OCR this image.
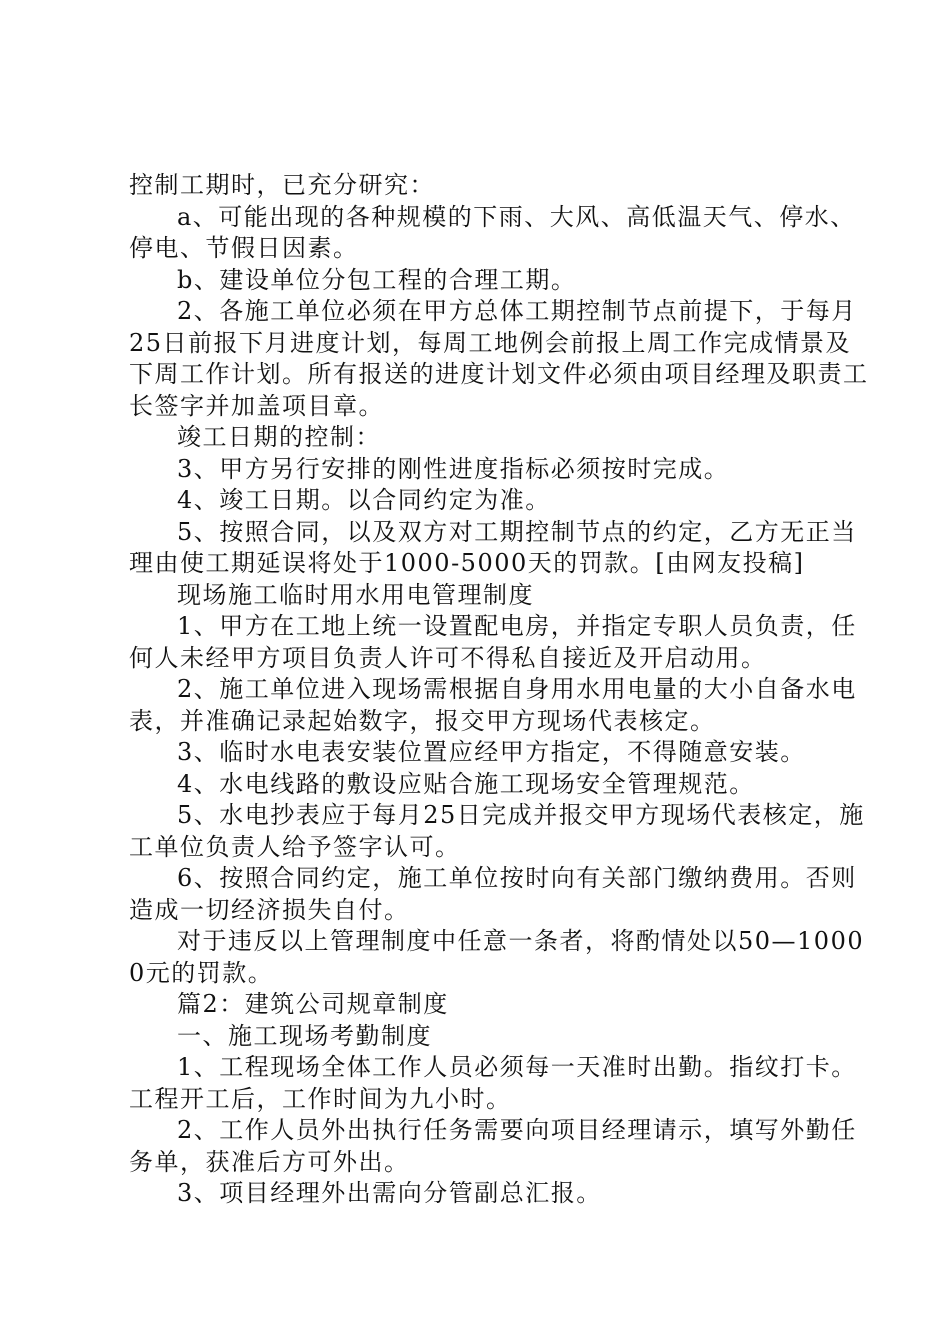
控制工期时，已充分研究：

a、可能出现的各种规模的下雨、大风、高低温天气、停水、停电、节假日因素。

b、建设单位分包工程的合理工期。

2、各施工单位必须在甲方总体工期控制节点前提下，于每月25日前报下月进度计划，每周工地例会前报上周工作完成情景及下周工作计划。所有报送的进度计划文件必须由项目经理及职责工长签字并加盖项目章。

竣工日期的控制：

3、甲方另行安排的刚性进度指标必须按时完成。

4、竣工日期。以合同约定为准。

5、按照合同，以及双方对工期控制节点的约定，乙方无正当理由使工期延误将处于1000-5000天的罚款。[由网友投稿]

现场施工临时用水用电管理制度

1、甲方在工地上统一设置配电房，并指定专职人员负责，任何人未经甲方项目负责人许可不得私自接近及开启动用。

2、施工单位进入现场需根据自身用水用电量的大小自备水电表，并准确记录起始数字，报交甲方现场代表核定。

3、临时水电表安装位置应经甲方指定，不得随意安装。

4、水电线路的敷设应贴合施工现场安全管理规范。

5、水电抄表应于每月25日完成并报交甲方现场代表核定，施工单位负责人给予签字认可。

6、按照合同约定，施工单位按时向有关部门缴纳费用。否则造成一切经济损失自付。

对于违反以上管理制度中任意一条者，将酌情处以50—10000元的罚款。

篇2：建筑公司规章制度

一、施工现场考勤制度

1、工程现场全体工作人员必须每一天准时出勤。指纹打卡。工程开工后，工作时间为九小时。

2、工作人员外出执行任务需要向项目经理请示，填写外勤任务单，获准后方可外出。

3、项目经理外出需向分管副总汇报。
